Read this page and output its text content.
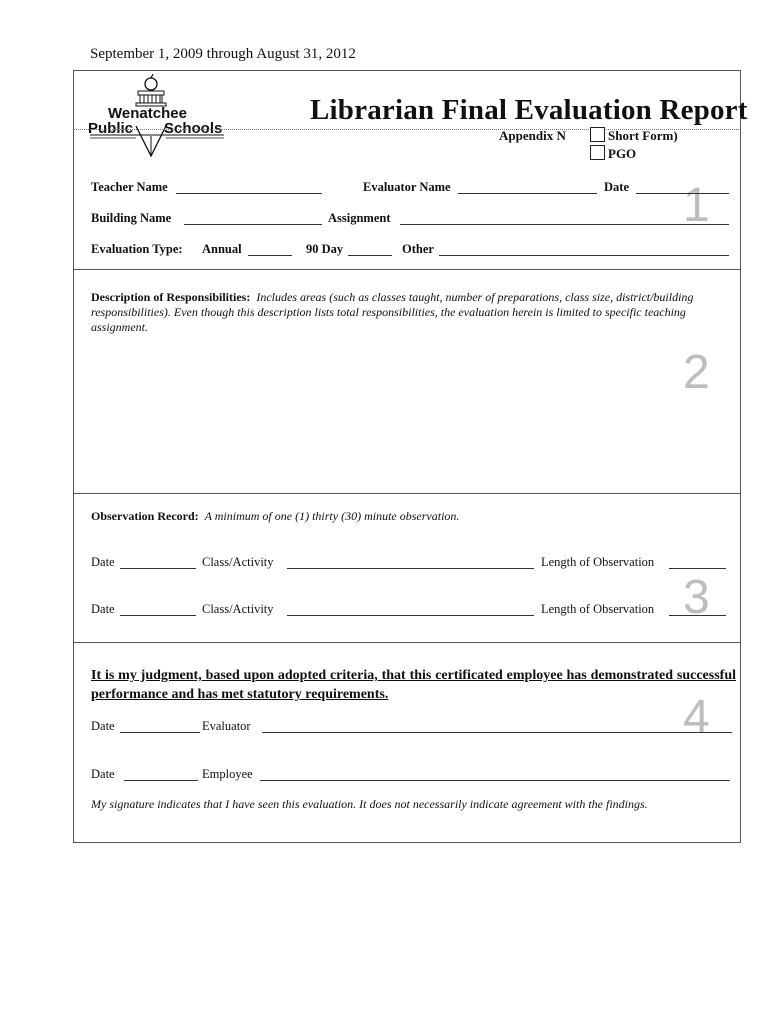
September 1, 2009 through August 31, 2012
Wenatchee
Public Schools
Librarian Final Evaluation Report
Appendix N	Short Form)
PGO
1
Teacher Name	Evaluator Name	Date
Building Name	Assignment
Evaluation Type: Annual	90 Day	Other
Description of Responsibilities: Includes areas (such as classes taught, number of preparations, class size, district/building responsibilities). Even though this description lists total responsibilities, the evaluation herein is limited to specific teaching assignment.
2
Observation Record: A minimum of one (1) thirty (30) minute observation.
Date	Class/Activity	Length of Observation
3
Date	Class/Activity	Length of Observation
It is my judgment, based upon adopted criteria, that this certificated employee has demonstrated successful performance and has met statutory requirements.	4
Date	Evaluator
Date	Employee
My signature indicates that I have seen this evaluation. It does not necessarily indicate agreement with the findings.
